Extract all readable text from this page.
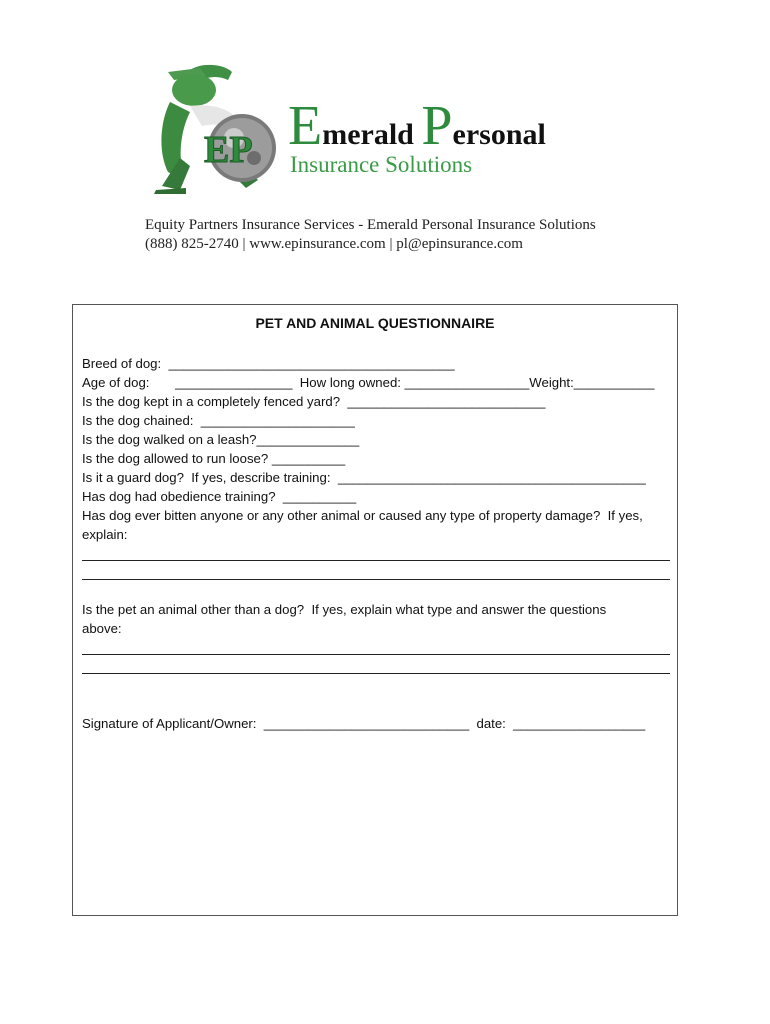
EP Emerald Personal
Insurance Solutions
Equity Partners Insurance Services - Emerald Personal Insurance Solutions
(888) 825-2740 | www.epinsurance.com | pl@epinsurance.com
PET AND ANIMAL QUESTIONNAIRE
Breed of dog:  _______________________________________
Age of dog:       ________________  How long owned: _________________Weight:___________
Is the dog kept in a completely fenced yard?  ___________________________
Is the dog chained:  _____________________
Is the dog walked on a leash?______________
Is the dog allowed to run loose? __________
Is it a guard dog?  If yes, describe training:  __________________________________________
Has dog had obedience training?  __________
Has dog ever bitten anyone or any other animal or caused any type of property damage?  If yes,
explain:
Is the pet an animal other than a dog?  If yes, explain what type and answer the questions
above:
Signature of Applicant/Owner:  ____________________________  date:  __________________
